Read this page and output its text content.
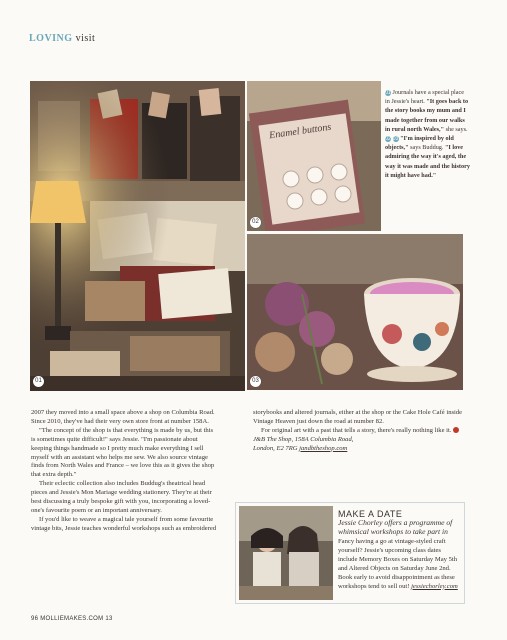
LOVING visit
01
Enamel buttons
02
03
01 Journals have a special place in Jessie's heart. "It goes back to the story books my mum and I made together from our walks in rural north Wales," she says. 02 03 "I'm inspired by old objects," says Buddug. "I love admiring the way it's aged, the way it was made and the history it might have had."

2007 they moved into a small space above a shop on Columbia Road. Since 2010, they've had their very own store front at number 158A.

"The concept of the shop is that everything is made by us, but this is sometimes quite difficult!" says Jessie. "I'm passionate about keeping things handmade so I pretty much make everything I sell myself with an assistant who helps me sew. We also source vintage finds from North Wales and France – we love this as it gives the shop that extra depth."

Their eclectic collection also includes Buddug's theatrical head pieces and Jessie's Mon Mariage wedding stationery. They're at their best discussing a truly bespoke gift with you, incorporating a loved-one's favourite poem or an important anniversary.

If you'd like to weave a magical tale yourself from some favourite vintage bits, Jessie teaches wonderful workshops such as embroidered

storybooks and altered journals, either at the shop or the Cake Hole Café inside Vintage Heaven just down the road at number 82.

For original art with a past that tells a story, there's really nothing like it.

J&B The Shop, 158A Columbia Road,

London, E2 7RG jandbtheshop.com

MAKE A DATE
Jessie Chorley offers a programme of whimsical workshops to take part in
Fancy having a go at vintage-styled craft yourself? Jessie's upcoming class dates include Memory Boxes on Saturday May 5th and Altered Objects on Saturday June 2nd. Book early to avoid disappointment as these workshops tend to sell out! jessiechorley.com
96 MOLLIEMAKES.COM 13
